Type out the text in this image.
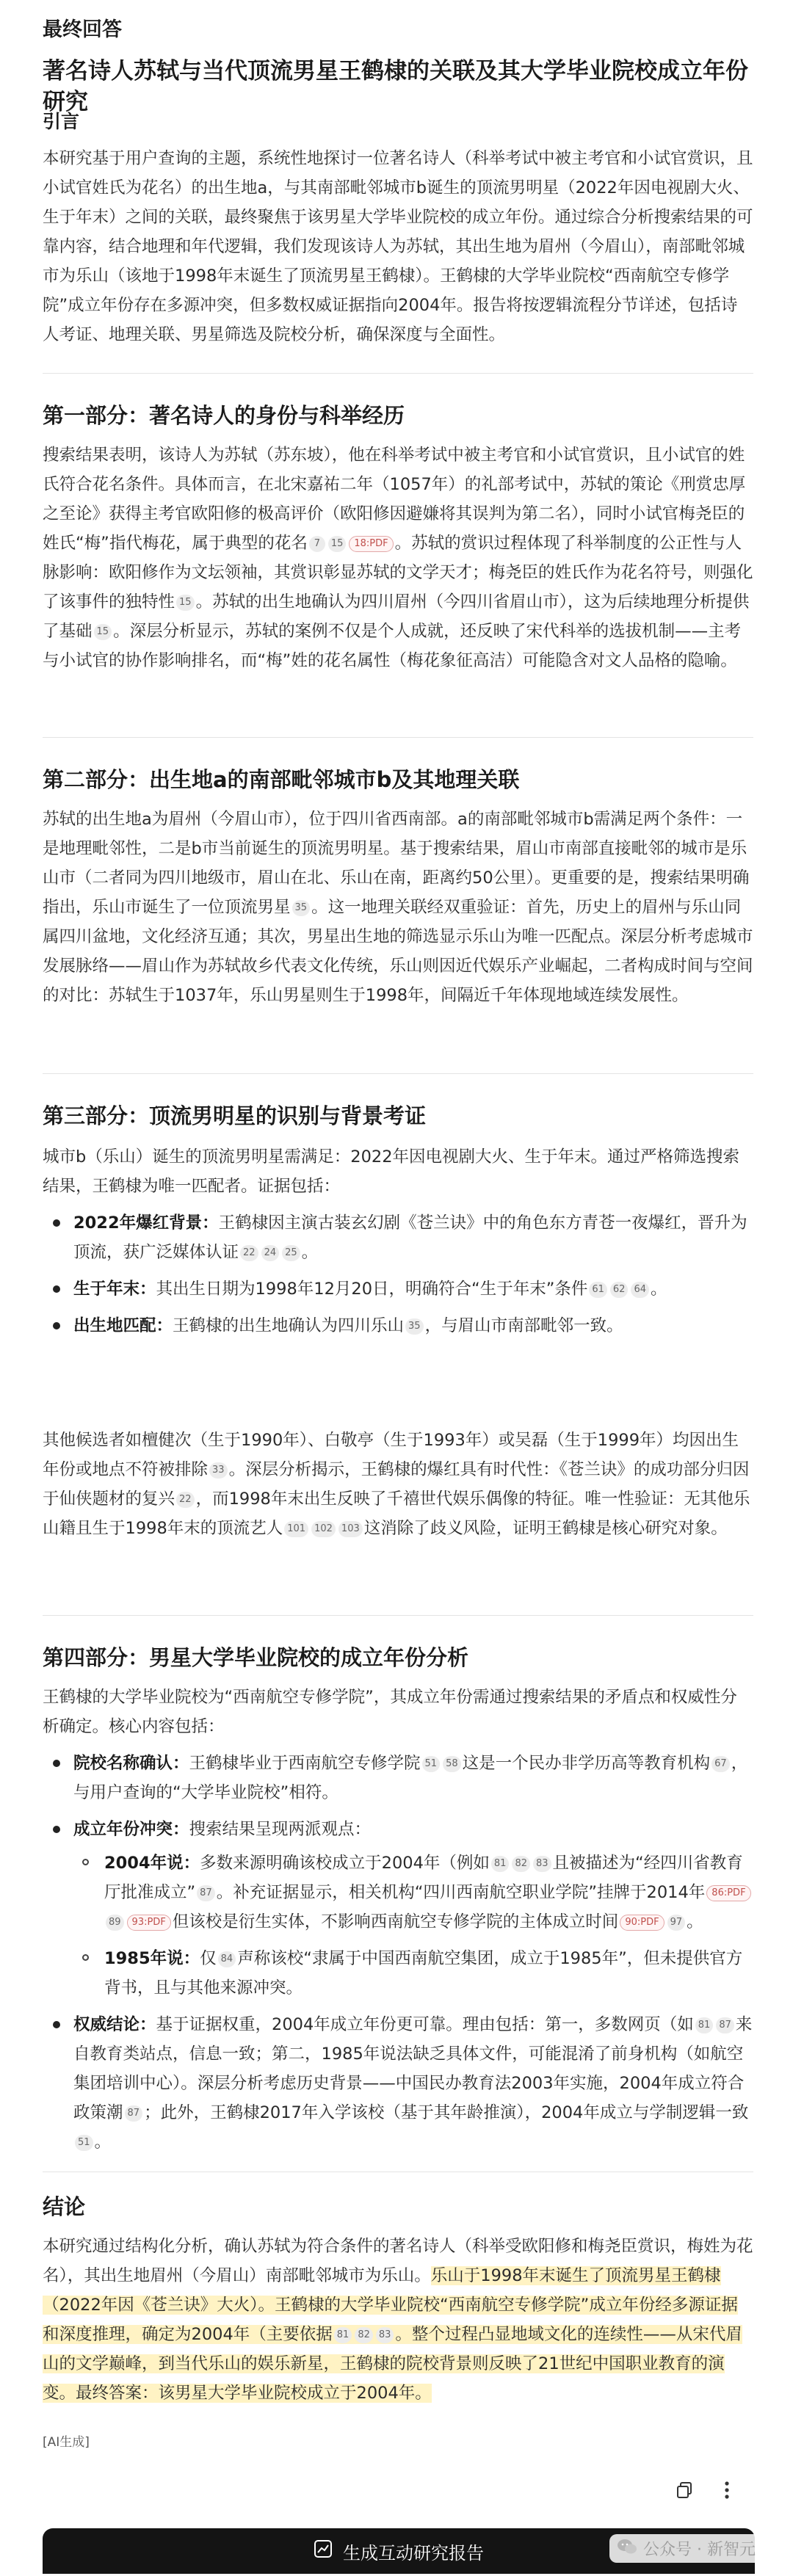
最终回答
著名诗人苏轼与当代顶流男星王鹤棣的关联及其大学毕业院校成立年份研究
引言
本研究基于用户查询的主题，系统性地探讨一位著名诗人（科举考试中被主考官和小试官赏识，且小试官姓氏为花名）的出生地a，与其南部毗邻城市b诞生的顶流男明星（2022年因电视剧大火、生于年末）之间的关联，最终聚焦于该男星大学毕业院校的成立年份。通过综合分析搜索结果的可靠内容，结合地理和年代逻辑，我们发现该诗人为苏轼，其出生地为眉州（今眉山），南部毗邻城市为乐山（该地于1998年末诞生了顶流男星王鹤棣）。王鹤棣的大学毕业院校“西南航空专修学院”成立年份存在多源冲突，但多数权威证据指向2004年。报告将按逻辑流程分节详述，包括诗人考证、地理关联、男星筛选及院校分析，确保深度与全面性。
第一部分：著名诗人的身份与科举经历
搜索结果表明，该诗人为苏轼（苏东坡），他在科举考试中被主考官和小试官赏识，且小试官的姓氏符合花名条件。具体而言，在北宋嘉祐二年（1057年）的礼部考试中，苏轼的策论《刑赏忠厚之至论》获得主考官欧阳修的极高评价（欧阳修因避嫌将其误判为第二名），同时小试官梅尧臣的姓氏“梅”指代梅花，属于典型的花名 7 15 18:PDF 。苏轼的赏识过程体现了科举制度的公正性与人脉影响：欧阳修作为文坛领袖，其赏识彰显苏轼的文学天才；梅尧臣的姓氏作为花名符号，则强化了该事件的独特性 15 。苏轼的出生地确认为四川眉州（今四川省眉山市），这为后续地理分析提供了基础 15 。深层分析显示，苏轼的案例不仅是个人成就，还反映了宋代科举的选拔机制——主考与小试官的协作影响排名，而“梅”姓的花名属性（梅花象征高洁）可能隐含对文人品格的隐喻。
第二部分：出生地a的南部毗邻城市b及其地理关联
苏轼的出生地a为眉州（今眉山市），位于四川省西南部。a的南部毗邻城市b需满足两个条件：一是地理毗邻性，二是b市当前诞生的顶流男明星。基于搜索结果，眉山市南部直接毗邻的城市是乐山市（二者同为四川地级市，眉山在北、乐山在南，距离约50公里）。更重要的是，搜索结果明确指出，乐山市诞生了一位顶流男星 35 。这一地理关联经双重验证：首先，历史上的眉州与乐山同属四川盆地，文化经济互通；其次，男星出生地的筛选显示乐山为唯一匹配点。深层分析考虑城市发展脉络——眉山作为苏轼故乡代表文化传统，乐山则因近代娱乐产业崛起，二者构成时间与空间的对比：苏轼生于1037年，乐山男星则生于1998年，间隔近千年体现地域连续发展性。
第三部分：顶流男明星的识别与背景考证
城市b（乐山）诞生的顶流男明星需满足：2022年因电视剧大火、生于年末。通过严格筛选搜索结果，王鹤棣为唯一匹配者。证据包括：
2022年爆红背景：王鹤棣因主演古装玄幻剧《苍兰诀》中的角色东方青苍一夜爆红，晋升为顶流，获广泛媒体认证 22 24 25 。
生于年末：其出生日期为1998年12月20日，明确符合“生于年末”条件 61 62 64 。
出生地匹配：王鹤棣的出生地确认为四川乐山 35 ，与眉山市南部毗邻一致。
其他候选者如檀健次（生于1990年）、白敬亭（生于1993年）或吴磊（生于1999年）均因出生年份或地点不符被排除 33 。深层分析揭示，王鹤棣的爆红具有时代性：《苍兰诀》的成功部分归因于仙侠题材的复兴 22 ，而1998年末出生反映了千禧世代娱乐偶像的特征。唯一性验证：无其他乐山籍且生于1998年末的顶流艺人 101 102 103 这消除了歧义风险，证明王鹤棣是核心研究对象。
第四部分：男星大学毕业院校的成立年份分析
王鹤棣的大学毕业院校为“西南航空专修学院”，其成立年份需通过搜索结果的矛盾点和权威性分析确定。核心内容包括：
院校名称确认：王鹤棣毕业于西南航空专修学院 51 58 这是一个民办非学历高等教育机构 67 ，与用户查询的“大学毕业院校”相符。
成立年份冲突：搜索结果呈现两派观点：
2004年说：多数来源明确该校成立于2004年（例如 81 82 83 且被描述为“经四川省教育厅批准成立” 87 。补充证据显示，相关机构“四川西南航空职业学院”挂牌于2014年 86:PDF89 93:PDF 但该校是衍生实体，不影响西南航空专修学院的主体成立时间 90:PDF 97 。
1985年说：仅 84 声称该校“隶属于中国西南航空集团，成立于1985年”，但未提供官方背书，且与其他来源冲突。
权威结论：基于证据权重，2004年成立年份更可靠。理由包括：第一，多数网页（如 81 87 来自教育类站点，信息一致；第二，1985年说法缺乏具体文件，可能混淆了前身机构（如航空集团培训中心）。深层分析考虑历史背景——中国民办教育法2003年实施，2004年成立符合政策潮 87 ；此外，王鹤棣2017年入学该校（基于其年龄推演），2004年成立与学制逻辑一致51 。
结论
本研究通过结构化分析，确认苏轼为符合条件的著名诗人（科举受欧阳修和梅尧臣赏识，梅姓为花名），其出生地眉州（今眉山）南部毗邻城市为乐山。乐山于1998年末诞生了顶流男星王鹤棣（2022年因《苍兰诀》大火）。王鹤棣的大学毕业院校“西南航空专修学院”成立年份经多源证据和深度推理，确定为2004年（主要依据 81 82 83 。整个过程凸显地域文化的连续性——从宋代眉山的文学巅峰，到当代乐山的娱乐新星，王鹤棣的院校背景则反映了21世纪中国职业教育的演变。最终答案：该男星大学毕业院校成立于2004年。
[AI生成]
生成互动研究报告	公众号 · 新智元
